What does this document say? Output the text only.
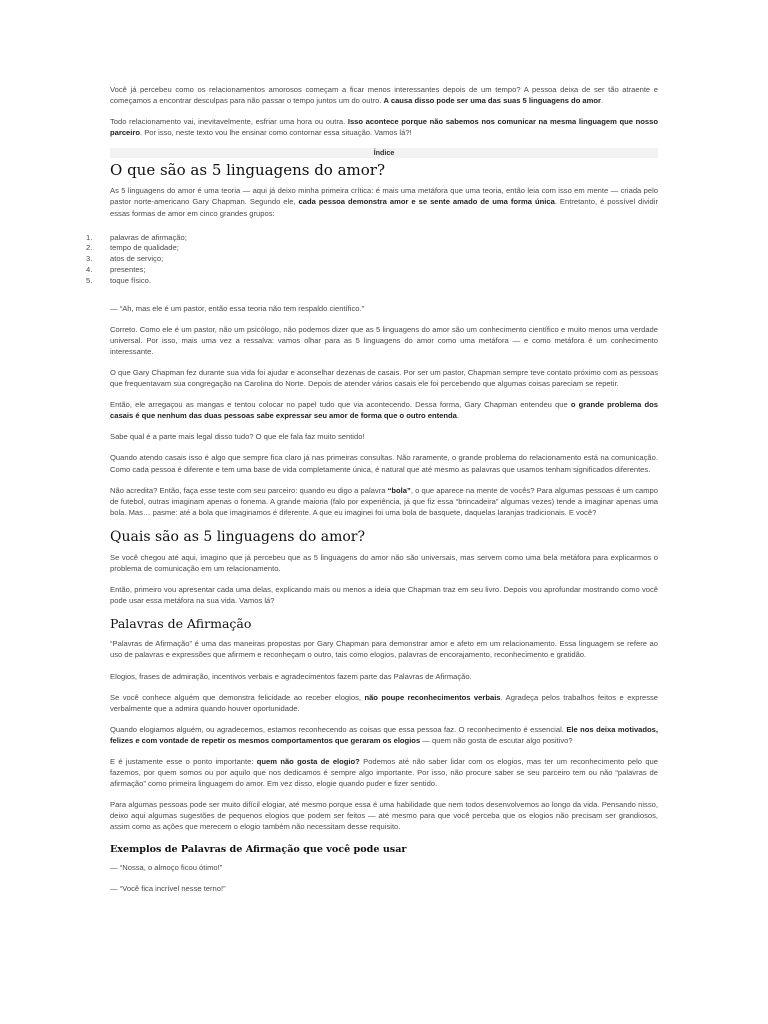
Você já percebeu como os relacionamentos amorosos começam a ficar menos interessantes depois de um tempo? A pessoa deixa de ser tão atraente e começamos a encontrar desculpas para não passar o tempo juntos um do outro. A causa disso pode ser uma das suas 5 linguagens do amor.

Todo relacionamento vai, inevitavelmente, esfriar uma hora ou outra. Isso acontece porque não sabemos nos comunicar na mesma linguagem que nosso parceiro. Por isso, neste texto vou lhe ensinar como contornar essa situação. Vamos lá?!

Índice
O que são as 5 linguagens do amor?

As 5 linguagens do amor é uma teoria — aqui já deixo minha primeira crítica: é mais uma metáfora que uma teoria, então leia com isso em mente — criada pelo pastor norte-americano Gary Chapman. Segundo ele, cada pessoa demonstra amor e se sente amado de uma forma única. Entretanto, é possível dividir essas formas de amor em cinco grandes grupos:

1.	palavras de afirmação;
2.	tempo de qualidade;
3.	atos de serviço;
4.	presentes;
5.	toque físico.

— “Ah, mas ele é um pastor, então essa teoria não tem respaldo científico.”

Correto. Como ele é um pastor, não um psicólogo, não podemos dizer que as 5 linguagens do amor são um conhecimento científico e muito menos uma verdade universal. Por isso, mais uma vez a ressalva: vamos olhar para as 5 linguagens do amor como uma metáfora — e como metáfora é um conhecimento interessante.

O que Gary Chapman fez durante sua vida foi ajudar e aconselhar dezenas de casais. Por ser um pastor, Chapman sempre teve contato próximo com as pessoas que frequentavam sua congregação na Carolina do Norte. Depois de atender vários casais ele foi percebendo que algumas coisas pareciam se repetir.

Então, ele arregaçou as mangas e tentou colocar no papel tudo que via acontecendo. Dessa forma, Gary Chapman entendeu que o grande problema dos casais é que nenhum das duas pessoas sabe expressar seu amor de forma que o outro entenda.

Sabe qual é a parte mais legal disso tudo? O que ele fala faz muito sentido!

Quando atendo casais isso é algo que sempre fica claro já nas primeiras consultas. Não raramente, o grande problema do relacionamento está na comunicação. Como cada pessoa é diferente e tem uma base de vida completamente única, é natural que até mesmo as palavras que usamos tenham significados diferentes.

Não acredita? Então, faça esse teste com seu parceiro: quando eu digo a palavra “bola”, o que aparece na mente de vocês? Para algumas pessoas é um campo de futebol, outras imaginam apenas o fonema. A grande maioria (falo por experiência, já que fiz essa “brincadeira” algumas vezes) tende a imaginar apenas uma bola. Mas… pasme: até a bola que imaginamos é diferente. A que eu imaginei foi uma bola de basquete, daquelas laranjas tradicionais. E você?

Quais são as 5 linguagens do amor?

Se você chegou até aqui, imagino que já percebeu que as 5 linguagens do amor não são universais, mas servem como uma bela metáfora para explicarmos o problema de comunicação em um relacionamento.

Então, primeiro vou apresentar cada uma delas, explicando mais ou menos a ideia que Chapman traz em seu livro. Depois vou aprofundar mostrando como você pode usar essa metáfora na sua vida. Vamos lá?

Palavras de Afirmação

“Palavras de Afirmação” é uma das maneiras propostas por Gary Chapman para demonstrar amor e afeto em um relacionamento. Essa linguagem se refere ao uso de palavras e expressões que afirmem e reconheçam o outro, tais como elogios, palavras de encorajamento, reconhecimento e gratidão.

Elogios, frases de admiração, incentivos verbais e agradecimentos fazem parte das Palavras de Afirmação.

Se você conhece alguém que demonstra felicidade ao receber elogios, não poupe reconhecimentos verbais. Agradeça pelos trabalhos feitos e expresse verbalmente que a admira quando houver oportunidade.

Quando elogiamos alguém, ou agradecemos, estamos reconhecendo as coisas que essa pessoa faz. O reconhecimento é essencial. Ele nos deixa motivados, felizes e com vontade de repetir os mesmos comportamentos que geraram os elogios — quem não gosta de escutar algo positivo?

E é justamente esse o ponto importante: quem não gosta de elogio? Podemos até não saber lidar com os elogios, mas ter um reconhecimento pelo que fazemos, por quem somos ou por aquilo que nos dedicamos é sempre algo importante. Por isso, não procure saber se seu parceiro tem ou não “palavras de afirmação” como primeira linguagem do amor. Em vez disso, elogie quando puder e fizer sentido.

Para algumas pessoas pode ser muito difícil elogiar, até mesmo porque essa é uma habilidade que nem todos desenvolvemos ao longo da vida. Pensando nisso, deixo aqui algumas sugestões de pequenos elogios que podem ser feitos — até mesmo para que você perceba que os elogios não precisam ser grandiosos, assim como as ações que merecem o elogio também não necessitam desse requisito.

Exemplos de Palavras de Afirmação que você pode usar

— “Nossa, o almoço ficou ótimo!”

— “Você fica incrível nesse terno!”
